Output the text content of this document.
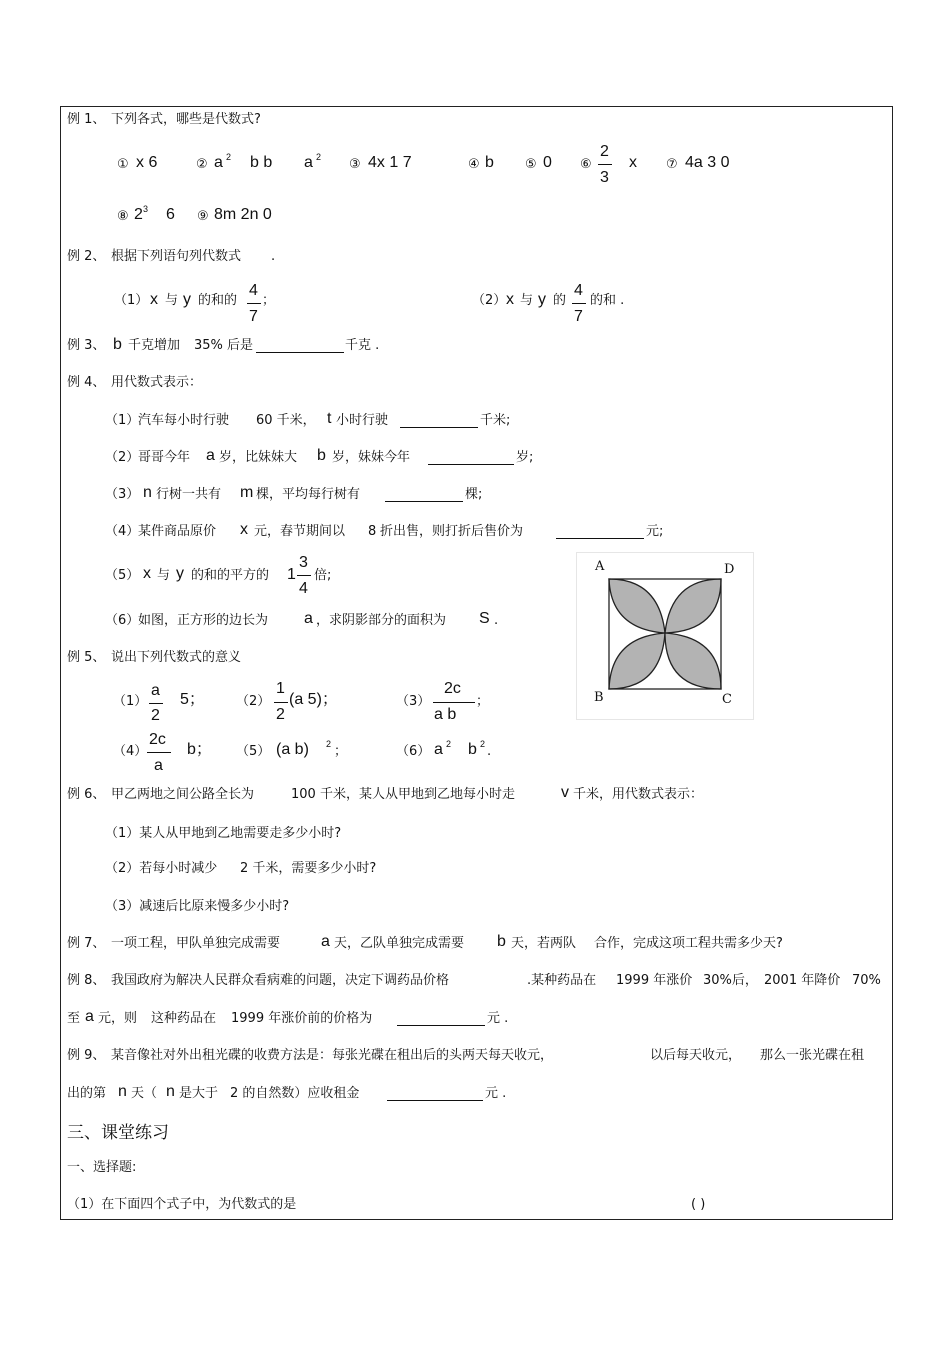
例 1、 下列各式，哪些是代数式?
① x 6	② a 2 b b a 2 ③ 4x 1 7	④ b ⑤ 0 ⑥
2
3
x ⑦ 4a 3 0
⑧ 2 3 6 ⑨ 8m 2n 0
例 2、 根据下列语句列代数式 .
（1） x 与 y 的和的
4
7
；	（2） x 与 y 的
4
7
的和 .
例 3、 b 千克增加 35% 后是	千克 .
例 4、 用代数式表示：
（1）
汽车每小时行驶 60 千米， t 小时行驶	千米;
（2）
哥哥今年 a 岁，比妹妹大 b 岁，妹妹今年	岁;
（3） n 行树一共有 m 棵，平均每行树有	棵;
（4）
某件商品原价 x 元，春节期间以 8 折出售，则打折后售价为	元;
（5） x 与 y 的和的平方的 1
3
4
倍;
（6）
如图，正方形的边长为 a ，求阴影部分的面积为 S .
A	D
B	C
例 5、 说出下列代数式的意义
（1）
a
2
5； （2）
1
2
(a 5)；	（3）
2c
a b
；
（4）
2c
a
b； （5） (a b) 2 ；	（6） a 2 b 2 .
例 6、 甲乙两地之间公路全长为	100 千米，某人从甲地到乙地每小时走	v 千米，用代数式表示：
（1）某人从甲地到乙地需要走多少小时?
（2）若每小时减少 2 千米，需要多少小时?
（3）减速后比原来慢多少小时?
例 7、 一项工程，甲队单独完成需要	a 天，乙队单独完成需要 b 天，若两队 合作，完成这项工程共需多少天?
例 8、 我国政府为解决人民群众看病难的问题，决定下调药品价格	.某种药品在 1999 年涨价 30%后， 2001 年降价 70%
至 a 元，则 这种药品在 1999 年涨价前的价格为	元 .
例 9、 某音像社对外出租光碟的收费方法是：每张光碟在租出后的头两天每天收元，	以后每天收元， 那么一张光碟在租
出的第 n 天（ n 是大于 2 的自然数）应收租金	元 .
三、课堂练习
一、选择题:
（1）在下面四个式子中，为代数式的是	( )
